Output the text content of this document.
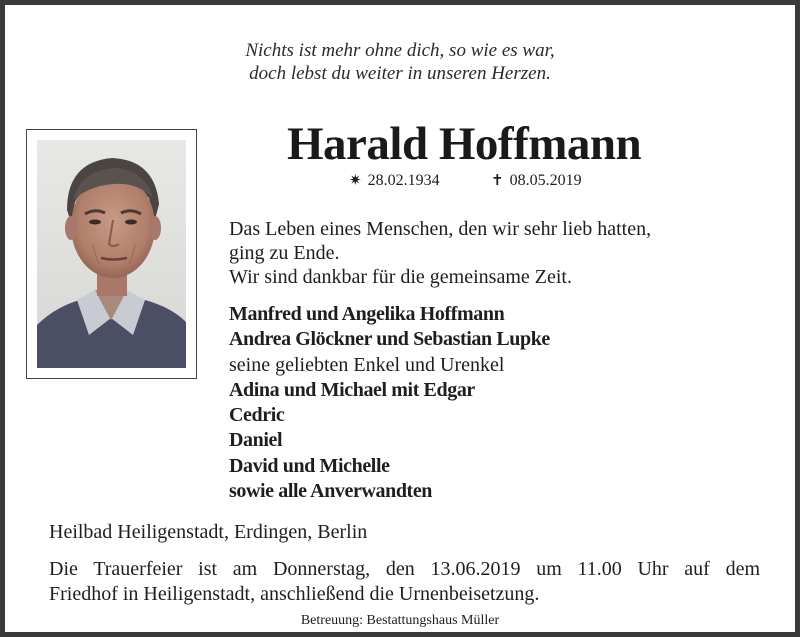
Nichts ist mehr ohne dich, so wie es war,
doch lebst du weiter in unseren Herzen.
Harald Hoffmann
✷ 28.02.1934	✝ 08.05.2019
Das Leben eines Menschen, den wir sehr lieb hatten,
ging zu Ende.
Wir sind dankbar für die gemeinsame Zeit.
Manfred und Angelika Hoffmann
Andrea Glöckner und Sebastian Lupke
seine geliebten Enkel und Urenkel
Adina und Michael mit Edgar
Cedric
Daniel
David und Michelle
sowie alle Anverwandten
Heilbad Heiligenstadt, Erdingen, Berlin
Die Trauerfeier ist am Donnerstag, den 13.06.2019 um 11.00 Uhr auf dem
Friedhof in Heiligenstadt, anschließend die Urnenbeisetzung.
Betreuung: Bestattungshaus Müller
